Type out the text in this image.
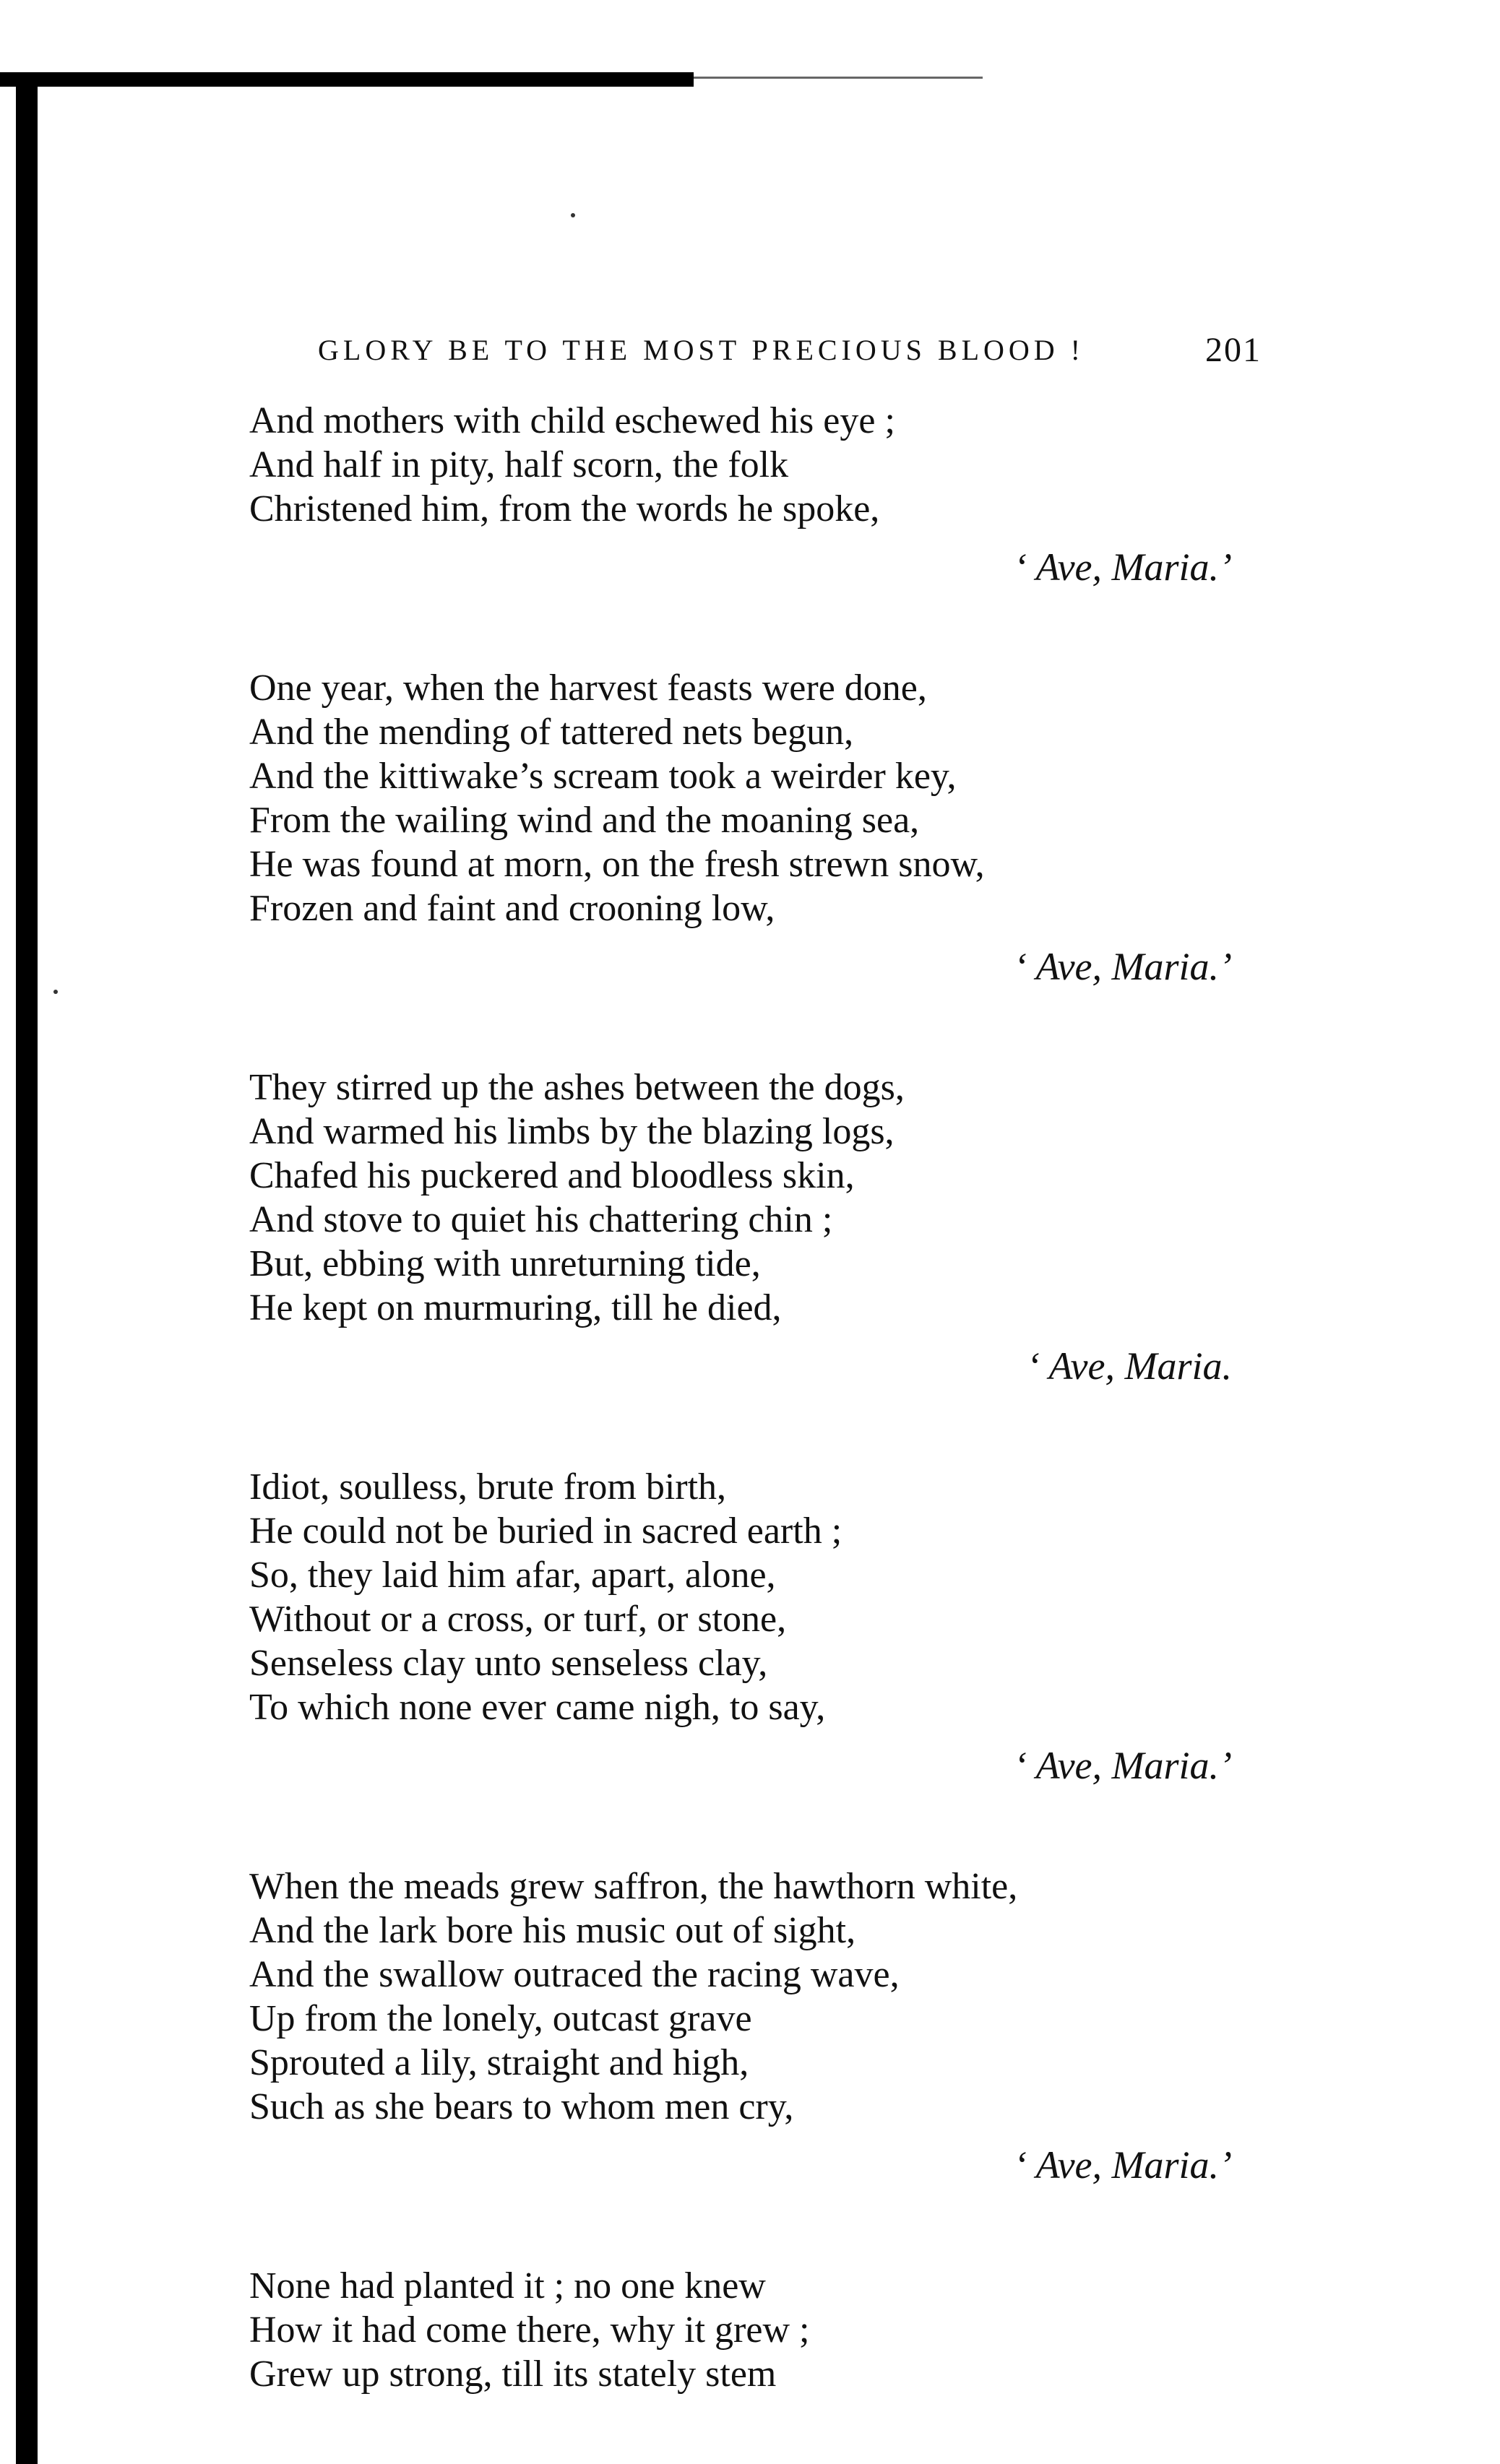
GLORY BE TO THE MOST PRECIOUS BLOOD !	201
And mothers with child eschewed his eye ;
And half in pity, half scorn, the folk
Christened him, from the words he spoke,
‘ Ave, Maria.’
One year, when the harvest feasts were done,
And the mending of tattered nets begun,
And the kittiwake’s scream took a weirder key,
From the wailing wind and the moaning sea,
He was found at morn, on the fresh strewn snow,
Frozen and faint and crooning low,
‘ Ave, Maria.’
They stirred up the ashes between the dogs,
And warmed his limbs by the blazing logs,
Chafed his puckered and bloodless skin,
And stove to quiet his chattering chin ;
But, ebbing with unreturning tide,
He kept on murmuring, till he died,
‘ Ave, Maria.
Idiot, soulless, brute from birth,
He could not be buried in sacred earth ;
So, they laid him afar, apart, alone,
Without or a cross, or turf, or stone,
Senseless clay unto senseless clay,
To which none ever came nigh, to say,
‘ Ave, Maria.’
When the meads grew saffron, the hawthorn white,
And the lark bore his music out of sight,
And the swallow outraced the racing wave,
Up from the lonely, outcast grave
Sprouted a lily, straight and high,
Such as she bears to whom men cry,
‘ Ave, Maria.’
None had planted it ; no one knew
How it had come there, why it grew ;
Grew up strong, till its stately stem
